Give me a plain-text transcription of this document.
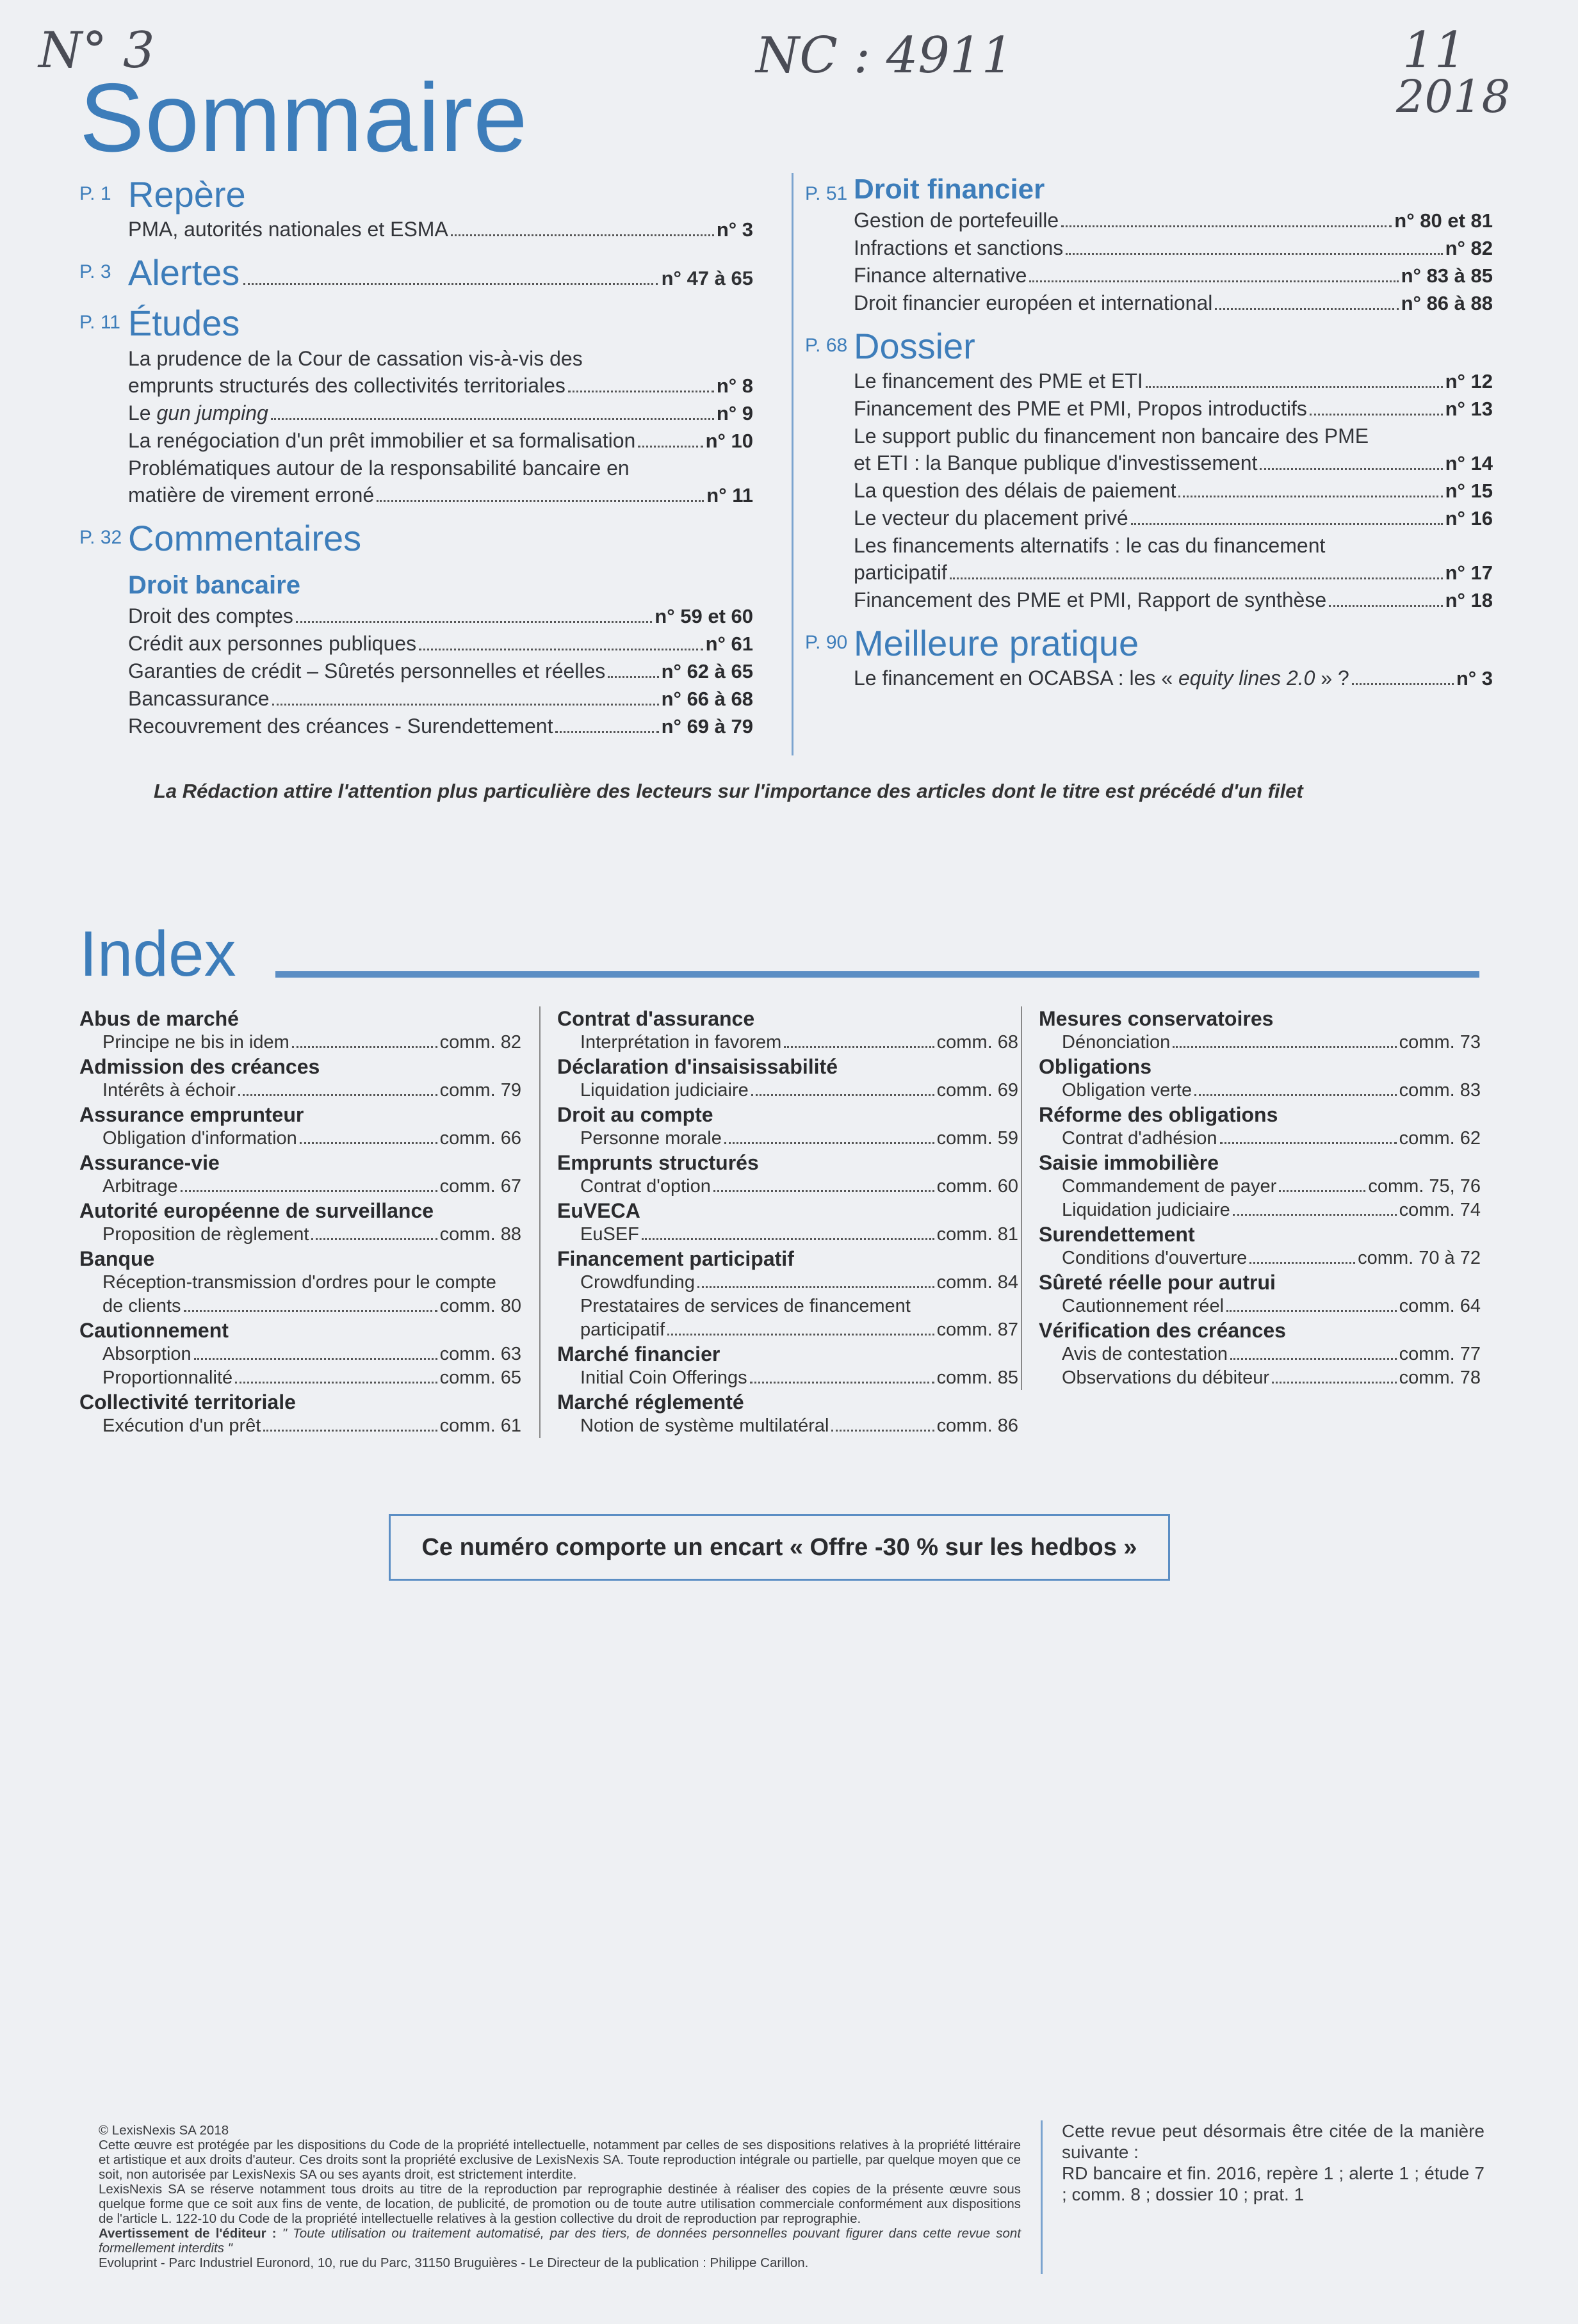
N° 3	NC : 4911	11
2018
Sommaire
P. 1 Repère
PMA, autorités nationales et ESMA	n° 3
P. 3 Alertes	n° 47 à 65
P. 11 Études
La prudence de la Cour de cassation vis-à-vis des
emprunts structurés des collectivités territoriales	n° 8
Le gun jumping	n° 9
La renégociation d'un prêt immobilier et sa formalisation	n° 10
Problématiques autour de la responsabilité bancaire en
matière de virement erroné	n° 11
P. 32 Commentaires
Droit bancaire
Droit des comptes	n° 59 et 60
Crédit aux personnes publiques	n° 61
Garanties de crédit – Sûretés personnelles et réelles	n° 62 à 65
Bancassurance	n° 66 à 68
Recouvrement des créances - Surendettement	n° 69 à 79
P. 51 Droit financier
Gestion de portefeuille	n° 80 et 81
Infractions et sanctions	n° 82
Finance alternative	n° 83 à 85
Droit financier européen et international	n° 86 à 88
P. 68 Dossier
Le financement des PME et ETI	n° 12
Financement des PME et PMI, Propos introductifs	n° 13
Le support public du financement non bancaire des PME
et ETI : la Banque publique d'investissement	n° 14
La question des délais de paiement	n° 15
Le vecteur du placement privé	n° 16
Les financements alternatifs : le cas du financement
participatif	n° 17
Financement des PME et PMI, Rapport de synthèse	n° 18
P. 90 Meilleure pratique
Le financement en OCABSA : les « equity lines 2.0 » ?	n° 3
La Rédaction attire l'attention plus particulière des lecteurs sur l'importance des articles dont le titre est précédé d'un filet
Index
Abus de marché
Principe ne bis in idem	comm. 82
Admission des créances
Intérêts à échoir	comm. 79
Assurance emprunteur
Obligation d'information	comm. 66
Assurance-vie
Arbitrage	comm. 67
Autorité européenne de surveillance
Proposition de règlement	comm. 88
Banque
Réception-transmission d'ordres pour le compte
de clients	comm. 80
Cautionnement
Absorption	comm. 63
Proportionnalité	comm. 65
Collectivité territoriale
Exécution d'un prêt	comm. 61
Contrat d'assurance
Interprétation in favorem	comm. 68
Déclaration d'insaisissabilité
Liquidation judiciaire	comm. 69
Droit au compte
Personne morale	comm. 59
Emprunts structurés
Contrat d'option	comm. 60
EuVECA
EuSEF	comm. 81
Financement participatif
Crowdfunding	comm. 84
Prestataires de services de financement
participatif	comm. 87
Marché financier
Initial Coin Offerings	comm. 85
Marché réglementé
Notion de système multilatéral	comm. 86
Mesures conservatoires
Dénonciation	comm. 73
Obligations
Obligation verte	comm. 83
Réforme des obligations
Contrat d'adhésion	comm. 62
Saisie immobilière
Commandement de payer	comm. 75, 76
Liquidation judiciaire	comm. 74
Surendettement
Conditions d'ouverture	comm. 70 à 72
Sûreté réelle pour autrui
Cautionnement réel	comm. 64
Vérification des créances
Avis de contestation	comm. 77
Observations du débiteur	comm. 78
Ce numéro comporte un encart « Offre -30 % sur les hedbos »
© LexisNexis SA 2018
Cette œuvre est protégée par les dispositions du Code de la propriété intellectuelle, notamment par celles de ses dispositions relatives à la propriété littéraire et artistique et aux droits d'auteur. Ces droits sont la propriété exclusive de LexisNexis SA. Toute reproduction intégrale ou partielle, par quelque moyen que ce soit, non autorisée par LexisNexis SA ou ses ayants droit, est strictement interdite.
LexisNexis SA se réserve notamment tous droits au titre de la reproduction par reprographie destinée à réaliser des copies de la présente œuvre sous quelque forme que ce soit aux fins de vente, de location, de publicité, de promotion ou de toute autre utilisation commerciale conformément aux dispositions de l'article L. 122-10 du Code de la propriété intellectuelle relatives à la gestion collective du droit de reproduction par reprographie.
Avertissement de l'éditeur : " Toute utilisation ou traitement automatisé, par des tiers, de données personnelles pouvant figurer dans cette revue sont formellement interdits "
Evoluprint - Parc Industriel Euronord, 10, rue du Parc, 31150 Bruguières - Le Directeur de la publication : Philippe Carillon.
Cette revue peut désormais être citée de la manière suivante :
RD bancaire et fin. 2016, repère 1 ; alerte 1 ; étude 7 ; comm. 8 ; dossier 10 ; prat. 1
